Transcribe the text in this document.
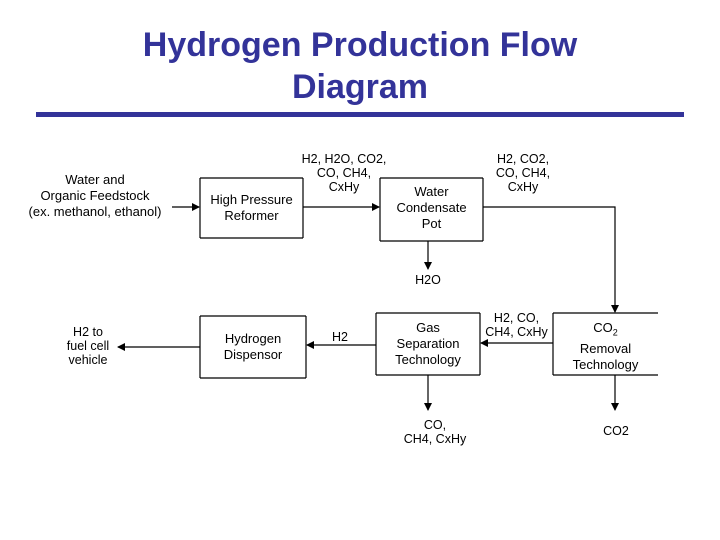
Hydrogen Production Flow
Diagram
Water and
Organic Feedstock
(ex. methanol, ethanol)
High Pressure
Reformer
Water
Condensate
Pot
$CO_2$
Removal
Technology
Gas
Separation
Technology
Hydrogen
Dispensor
H2, H2O, CO2,
CO, CH4,
CxHy
H2, CO2,
CO, CH4,
CxHy
H2O
H2, CO,
CH4, CxHy
CO2
H2
CO,
CH4, CxHy
H2 to
fuel cell
vehicle
